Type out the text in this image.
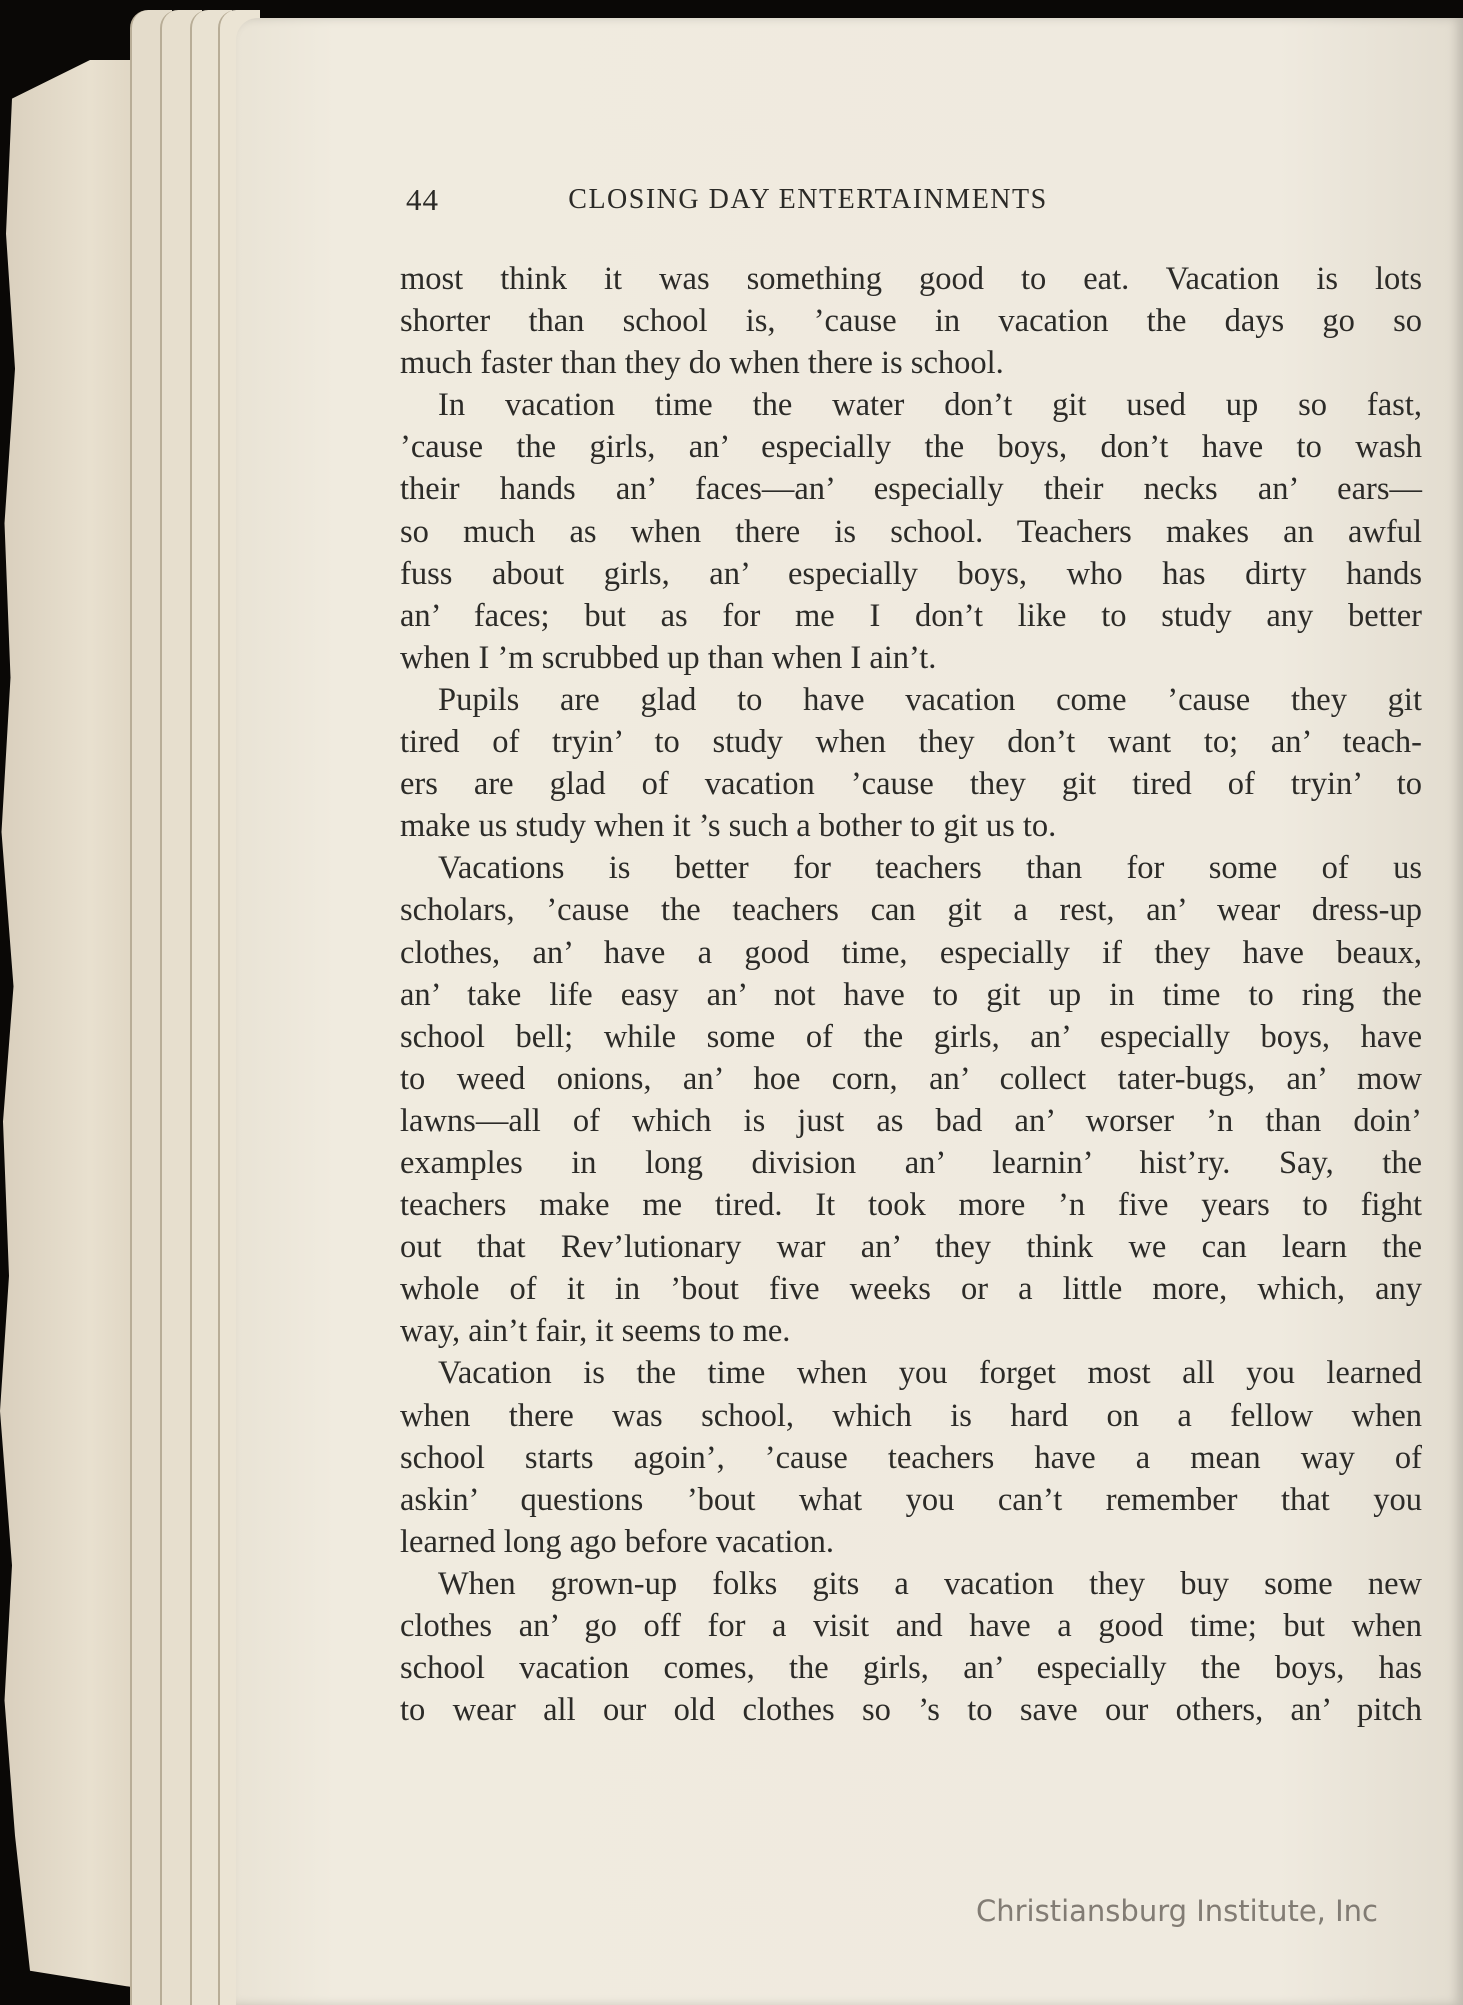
44	CLOSING DAY ENTERTAINMENTS
most think it was something good to eat. Vacation is lots
shorter than school is, ’cause in vacation the days go so
much faster than they do when there is school.
In vacation time the water don’t git used up so fast,
’cause the girls, an’ especially the boys, don’t have to wash
their hands an’ faces—an’ especially their necks an’ ears—
so much as when there is school. Teachers makes an awful
fuss about girls, an’ especially boys, who has dirty hands
an’ faces; but as for me I don’t like to study any better
when I ’m scrubbed up than when I ain’t.
Pupils are glad to have vacation come ’cause they git
tired of tryin’ to study when they don’t want to; an’ teach-
ers are glad of vacation ’cause they git tired of tryin’ to
make us study when it ’s such a bother to git us to.
Vacations is better for teachers than for some of us
scholars, ’cause the teachers can git a rest, an’ wear dress-up
clothes, an’ have a good time, especially if they have beaux,
an’ take life easy an’ not have to git up in time to ring the
school bell; while some of the girls, an’ especially boys, have
to weed onions, an’ hoe corn, an’ collect tater-bugs, an’ mow
lawns—all of which is just as bad an’ worser ’n than doin’
examples in long division an’ learnin’ hist’ry. Say, the
teachers make me tired. It took more ’n five years to fight
out that Rev’lutionary war an’ they think we can learn the
whole of it in ’bout five weeks or a little more, which, any
way, ain’t fair, it seems to me.
Vacation is the time when you forget most all you learned
when there was school, which is hard on a fellow when
school starts agoin’, ’cause teachers have a mean way of
askin’ questions ’bout what you can’t remember that you
learned long ago before vacation.
When grown-up folks gits a vacation they buy some new
clothes an’ go off for a visit and have a good time; but when
school vacation comes, the girls, an’ especially the boys, has
to wear all our old clothes so ’s to save our others, an’ pitch
Christiansburg Institute, Inc
